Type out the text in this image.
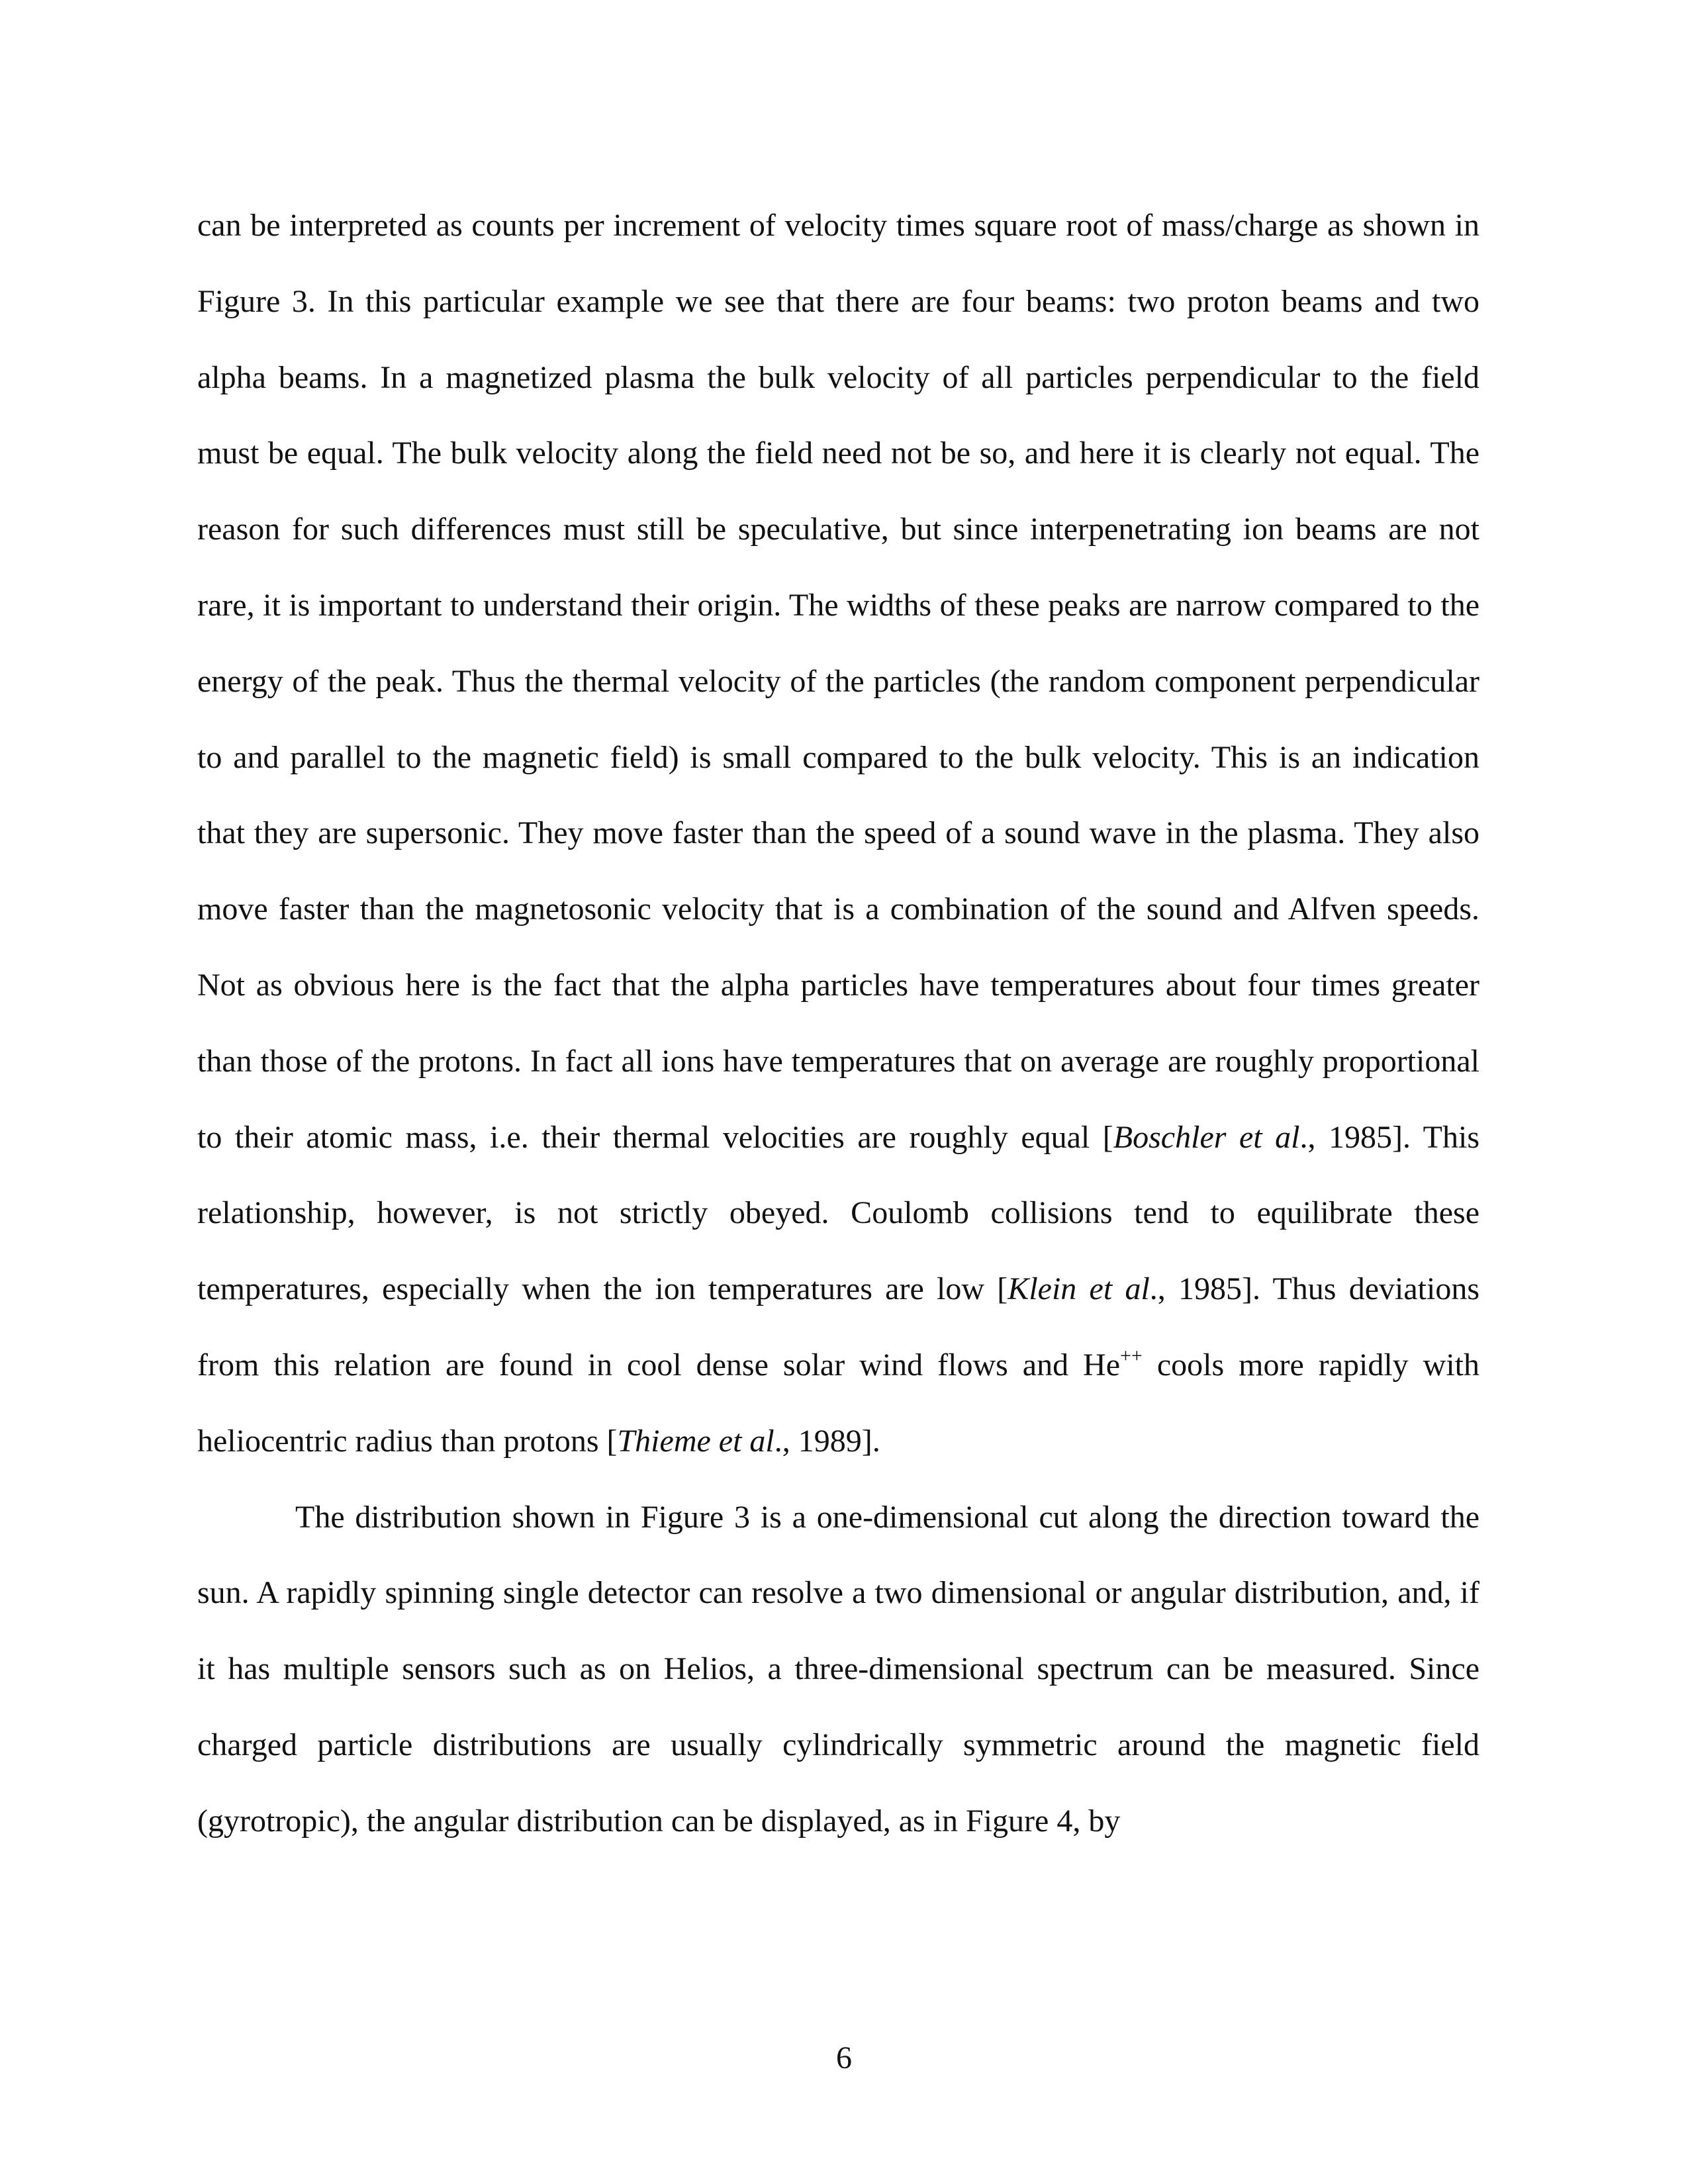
can be interpreted as counts per increment of velocity times square root of mass/charge as shown in Figure 3. In this particular example we see that there are four beams: two proton beams and two alpha beams. In a magnetized plasma the bulk velocity of all particles perpendicular to the field must be equal. The bulk velocity along the field need not be so, and here it is clearly not equal. The reason for such differences must still be speculative, but since interpenetrating ion beams are not rare, it is important to understand their origin. The widths of these peaks are narrow compared to the energy of the peak. Thus the thermal velocity of the particles (the random component perpendicular to and parallel to the magnetic field) is small compared to the bulk velocity. This is an indication that they are supersonic. They move faster than the speed of a sound wave in the plasma. They also move faster than the magnetosonic velocity that is a combination of the sound and Alfven speeds. Not as obvious here is the fact that the alpha particles have temperatures about four times greater than those of the protons. In fact all ions have temperatures that on average are roughly proportional to their atomic mass, i.e. their thermal velocities are roughly equal [Boschler et al., 1985]. This relationship, however, is not strictly obeyed. Coulomb collisions tend to equilibrate these temperatures, especially when the ion temperatures are low [Klein et al., 1985]. Thus deviations from this relation are found in cool dense solar wind flows and He++ cools more rapidly with heliocentric radius than protons [Thieme et al., 1989].

The distribution shown in Figure 3 is a one-dimensional cut along the direction toward the sun. A rapidly spinning single detector can resolve a two dimensional or angular distribution, and, if it has multiple sensors such as on Helios, a three-dimensional spectrum can be measured. Since charged particle distributions are usually cylindrically symmetric around the magnetic field (gyrotropic), the angular distribution can be displayed, as in Figure 4, by

6
